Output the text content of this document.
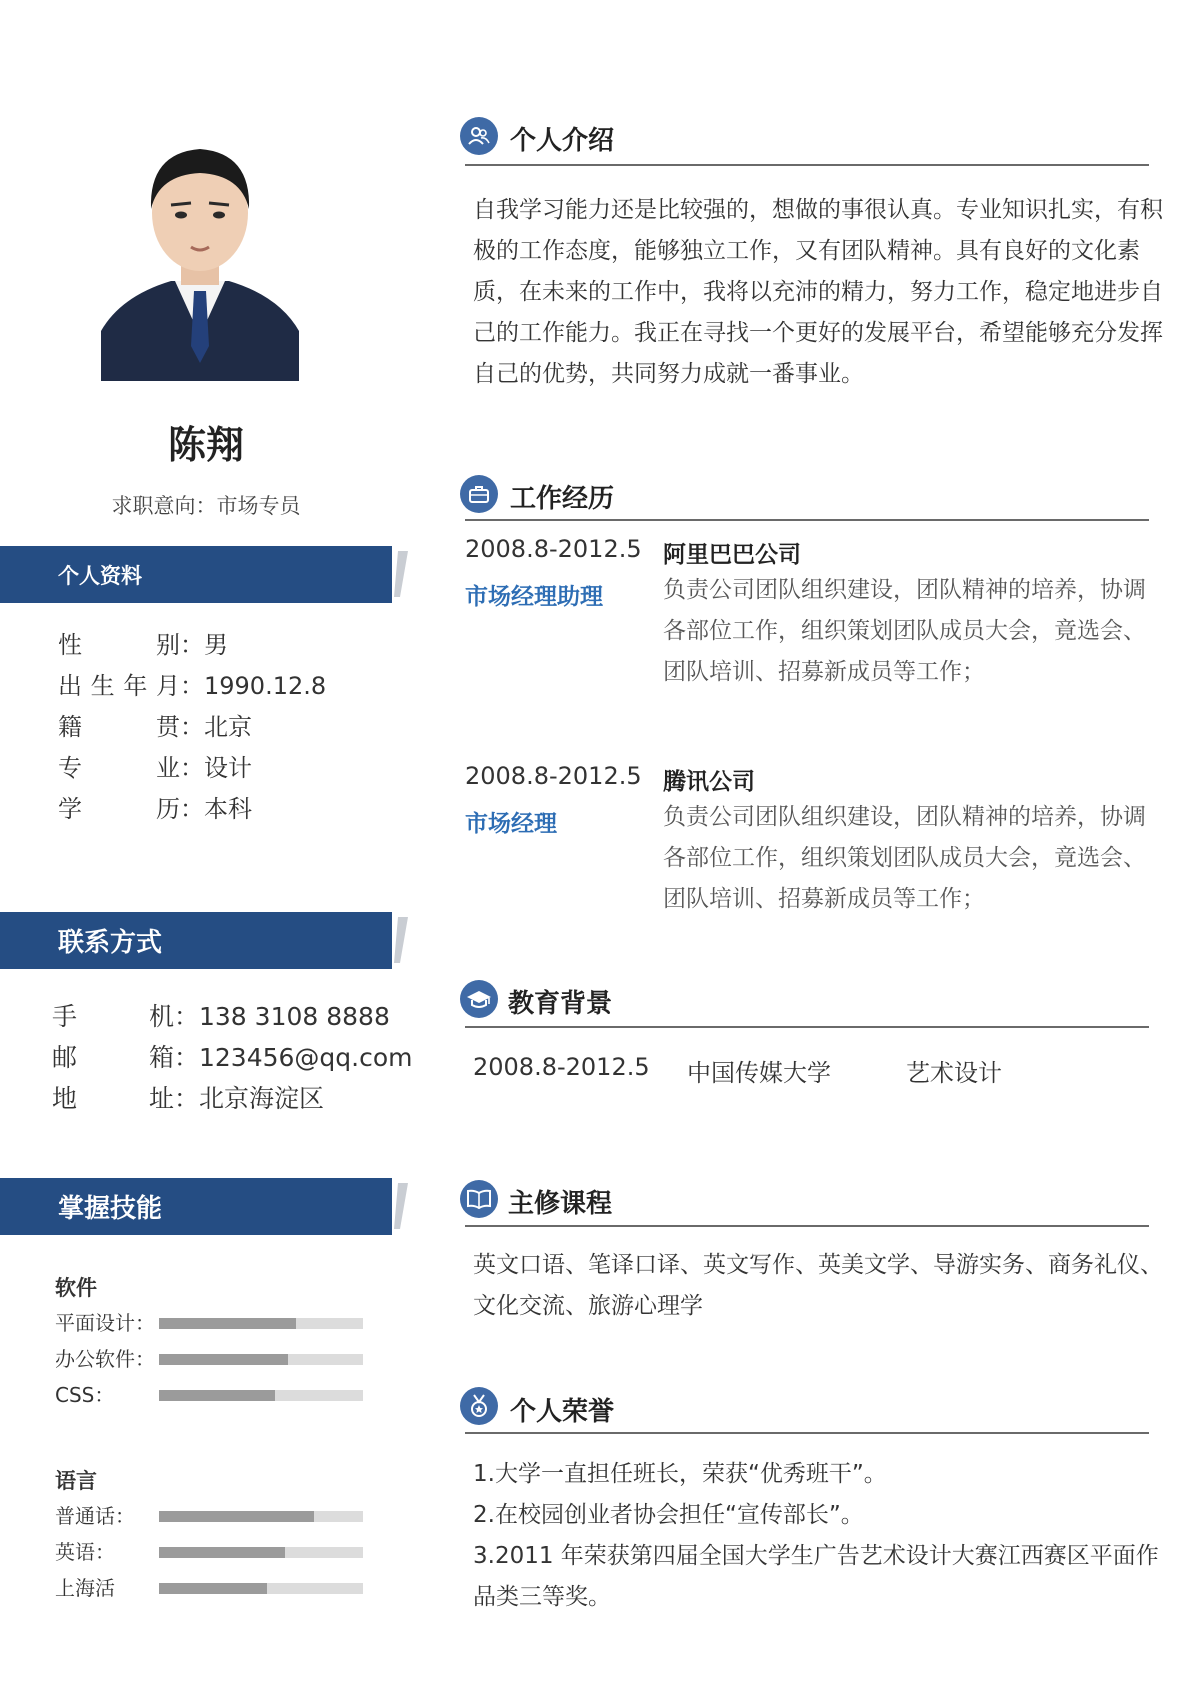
陈翔
求职意向：市场专员
个人资料
性别：男
出生年月：1990.12.8
籍贯：北京
专业：设计
学历：本科
联系方式
手机：138 3108 8888
邮箱：123456@qq.com
地址：北京海淀区
掌握技能
软件
平面设计：
办公软件：
CSS：
语言
普通话：
英语：
上海活
个人介绍
自我学习能力还是比较强的，想做的事很认真。专业知识扎实，有积极的工作态度，能够独立工作，又有团队精神。具有良好的文化素质，在未来的工作中，我将以充沛的精力，努力工作，稳定地进步自己的工作能力。我正在寻找一个更好的发展平台，希望能够充分发挥自己的优势，共同努力成就一番事业。
工作经历
2008.8-2012.5 阿里巴巴公司
市场经理助理	负责公司团队组织建设，团队精神的培养，协调各部位工作，组织策划团队成员大会，竟选会、团队培训、招募新成员等工作；
2008.8-2012.5 腾讯公司
市场经理	负责公司团队组织建设，团队精神的培养，协调各部位工作，组织策划团队成员大会，竟选会、团队培训、招募新成员等工作；
教育背景
2008.8-2012.5 中国传媒大学	艺术设计
主修课程
英文口语、笔译口译、英文写作、英美文学、导游实务、商务礼仪、文化交流、旅游心理学
个人荣誉
1.大学一直担任班长，荣获“优秀班干”。
2.在校园创业者协会担任“宣传部长”。
3.2011 年荣获第四届全国大学生广告艺术设计大赛江西赛区平面作品类三等奖。
